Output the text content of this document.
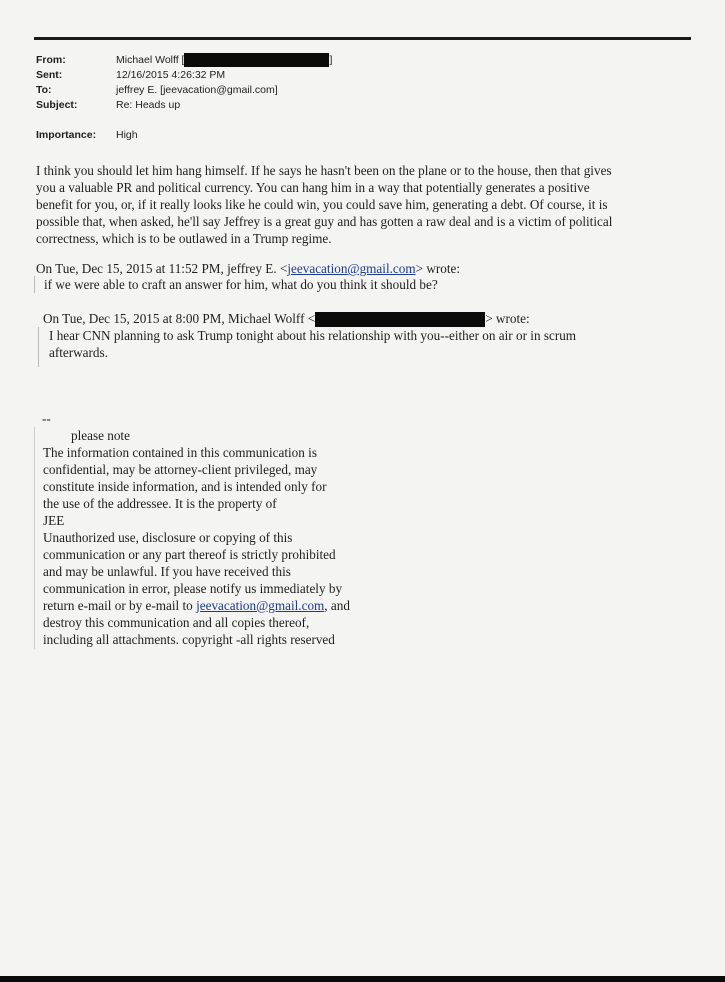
From:	Michael Wolff [	]
Sent:	12/16/2015 4:26:32 PM
To:	jeffrey E. [jeevacation@gmail.com]
Subject:	Re: Heads up
Importance:	High
I think you should let him hang himself. If he says he hasn't been on the plane or to the house, then that gives
you a valuable PR and political currency. You can hang him in a way that potentially generates a positive
benefit for you, or, if it really looks like he could win, you could save him, generating a debt. Of course, it is
possible that, when asked, he'll say Jeffrey is a great guy and has gotten a raw deal and is a victim of political
correctness, which is to be outlawed in a Trump regime.
On Tue, Dec 15, 2015 at 11:52 PM, jeffrey E. <jeevacation@gmail.com> wrote:
if we were able to craft an answer for him, what do you think it should be?
On Tue, Dec 15, 2015 at 8:00 PM, Michael Wolff <	> wrote:
I hear CNN planning to ask Trump tonight about his relationship with you--either on air or in scrum
afterwards.
--
please note
The information contained in this communication is
confidential, may be attorney-client privileged, may
constitute inside information, and is intended only for
the use of the addressee. It is the property of
JEE
Unauthorized use, disclosure or copying of this
communication or any part thereof is strictly prohibited
and may be unlawful. If you have received this
communication in error, please notify us immediately by
return e-mail or by e-mail to jeevacation@gmail.com, and
destroy this communication and all copies thereof,
including all attachments. copyright -all rights reserved
